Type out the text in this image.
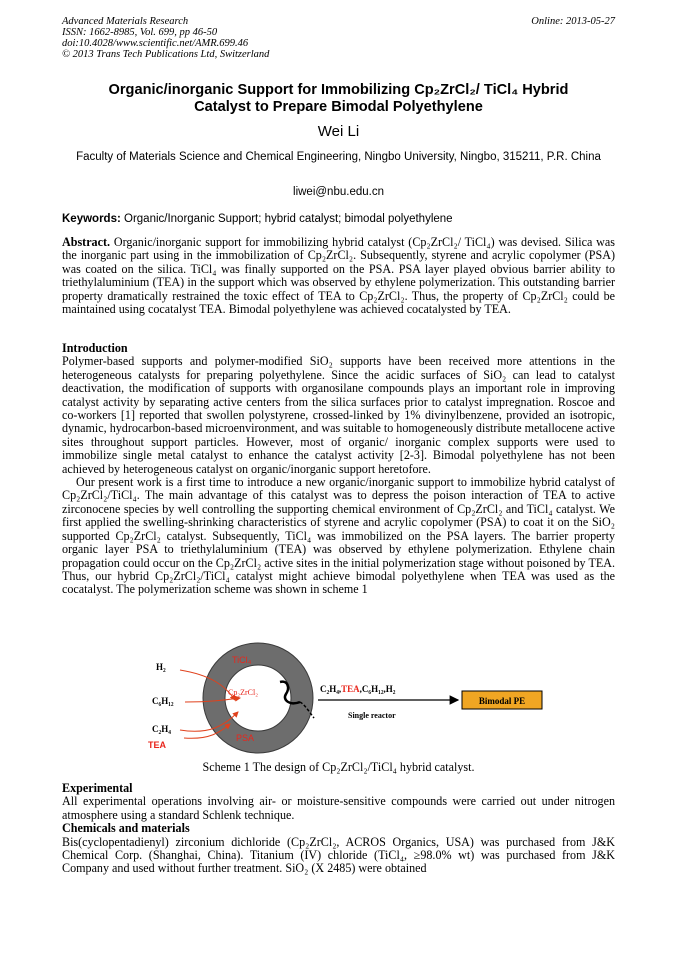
Advanced Materials Research
ISSN: 1662-8985, Vol. 699, pp 46-50
doi:10.4028/www.scientific.net/AMR.699.46
© 2013 Trans Tech Publications Ltd, Switzerland
Online: 2013-05-27
Organic/inorganic Support for Immobilizing Cp₂ZrCl₂/ TiCl₄ Hybrid
Catalyst to Prepare Bimodal Polyethylene
Wei Li
Faculty of Materials Science and Chemical Engineering, Ningbo University, Ningbo, 315211, P.R. China
liwei@nbu.edu.cn
Keywords: Organic/Inorganic Support; hybrid catalyst; bimodal polyethylene
Abstract. Organic/inorganic support for immobilizing hybrid catalyst (Cp₂ZrCl₂/ TiCl₄) was devised. Silica was the inorganic part using in the immobilization of Cp₂ZrCl₂. Subsequently, styrene and acrylic copolymer (PSA) was coated on the silica. TiCl₄ was finally supported on the PSA. PSA layer played obvious barrier ability to triethylaluminium (TEA) in the support which was observed by ethylene polymerization. This outstanding barrier property dramatically restrained the toxic effect of TEA to Cp₂ZrCl₂. Thus, the property of Cp₂ZrCl₂ could be maintained using cocatalyst TEA. Bimodal polyethylene was achieved cocatalysted by TEA.
Introduction
Polymer-based supports and polymer-modified SiO₂ supports have been received more attentions in the heterogeneous catalysts for preparing polyethylene. Since the acidic surfaces of SiO₂ can lead to catalyst deactivation, the modification of supports with organosilane compounds plays an important role in improving catalyst activity by separating active centers from the silica surfaces prior to catalyst impregnation. Roscoe and co-workers [1] reported that swollen polystyrene, crossed-linked by 1% divinylbenzene, provided an isotropic, dynamic, hydrocarbon-based microenvironment, and was suitable to homogeneously distribute metallocene active sites throughout support particles. However, most of organic/ inorganic complex supports were used to immobilize single metal catalyst to enhance the catalyst activity [2-3]. Bimodal polyethylene has not been achieved by heterogeneous catalyst on organic/inorganic support heretofore.
Our present work is a first time to introduce a new organic/inorganic support to immobilize hybrid catalyst of Cp₂ZrCl₂/TiCl₄. The main advantage of this catalyst was to depress the poison interaction of TEA to active zirconocene species by well controlling the supporting chemical environment of Cp₂ZrCl₂ and TiCl₄ catalyst. We first applied the swelling-shrinking characteristics of styrene and acrylic copolymer (PSA) to coat it on the SiO₂ supported Cp₂ZrCl₂ catalyst. Subsequently, TiCl₄ was immobilized on the PSA layers. The barrier property organic layer PSA to triethylaluminium (TEA) was observed by ethylene polymerization. Ethylene chain propagation could occur on the Cp₂ZrCl₂ active sites in the initial polymerization stage without poisoned by TEA. Thus, our hybrid Cp₂ZrCl₂/TiCl₄ catalyst might achieve bimodal polyethylene when TEA was used as the cocatalyst. The polymerization scheme was shown in scheme 1
TiCl₄
Cp₂ZrCl₂
PSA
H₂
C₆H₁₂
C₂H₄
TEA
C₂H₄,TEA,C₆H₁₂,H₂
Single reactor
Bimodal PE
Scheme 1 The design of Cp₂ZrCl₂/TiCl₄ hybrid catalyst.
Experimental
All experimental operations involving air- or moisture-sensitive compounds were carried out under nitrogen atmosphere using a standard Schlenk technique.
Chemicals and materials
Bis(cyclopentadienyl) zirconium dichloride (Cp₂ZrCl₂, ACROS Organics, USA) was purchased from J&K Chemical Corp. (Shanghai, China). Titanium (IV) chloride (TiCl₄, ≥98.0% wt) was purchased from J&K Company and used without further treatment. SiO₂ (X 2485) were obtained
